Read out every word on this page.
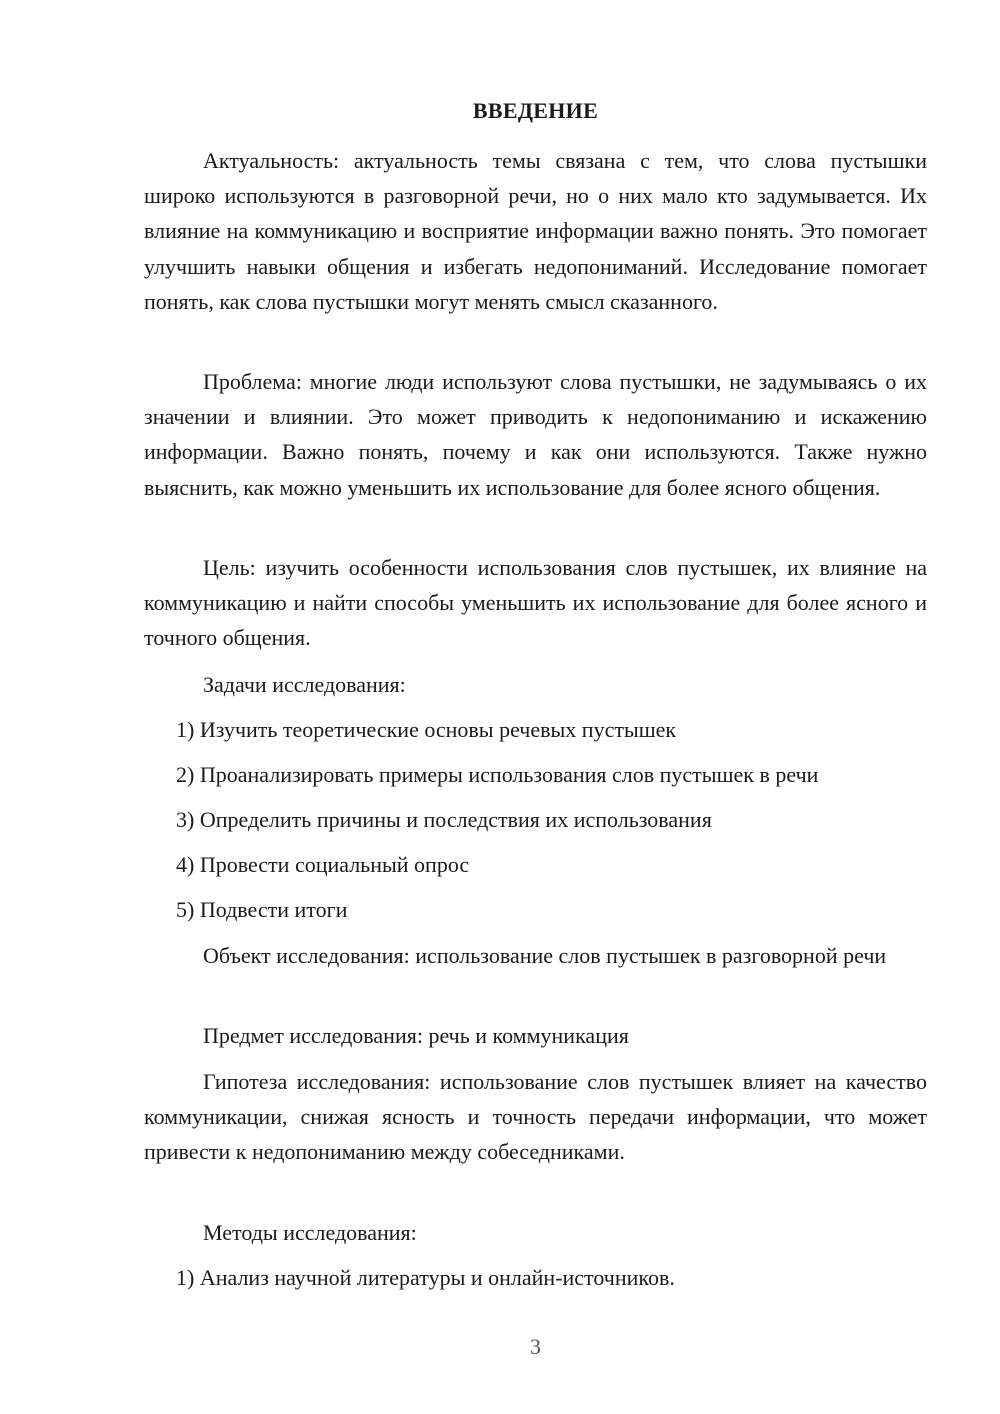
ВВЕДЕНИЕ

Актуальность: актуальность темы связана с тем, что слова пустышки широко используются в разговорной речи, но о них мало кто задумывается. Их влияние на коммуникацию и восприятие информации важно понять. Это помогает улучшить навыки общения и избегать недопониманий. Исследование помогает понять, как слова пустышки могут менять смысл сказанного.

Проблема: многие люди используют слова пустышки, не задумываясь о их значении и влиянии. Это может приводить к недопониманию и искажению информации. Важно понять, почему и как они используются. Также нужно выяснить, как можно уменьшить их использование для более ясного общения.

Цель: изучить особенности использования слов пустышек, их влияние на коммуникацию и найти способы уменьшить их использование для более ясного и точного общения.

Задачи исследования:
1) Изучить теоретические основы речевых пустышек
2) Проанализировать примеры использования слов пустышек в речи
3) Определить причины и последствия их использования
4) Провести социальный опрос
5) Подвести итоги

Объект исследования: использование слов пустышек в разговорной речи

Предмет исследования: речь и коммуникация

Гипотеза исследования: использование слов пустышек влияет на качество коммуникации, снижая ясность и точность передачи информации, что может привести к недопониманию между собеседниками.

Методы исследования:
1) Анализ научной литературы и онлайн-источников.
3
